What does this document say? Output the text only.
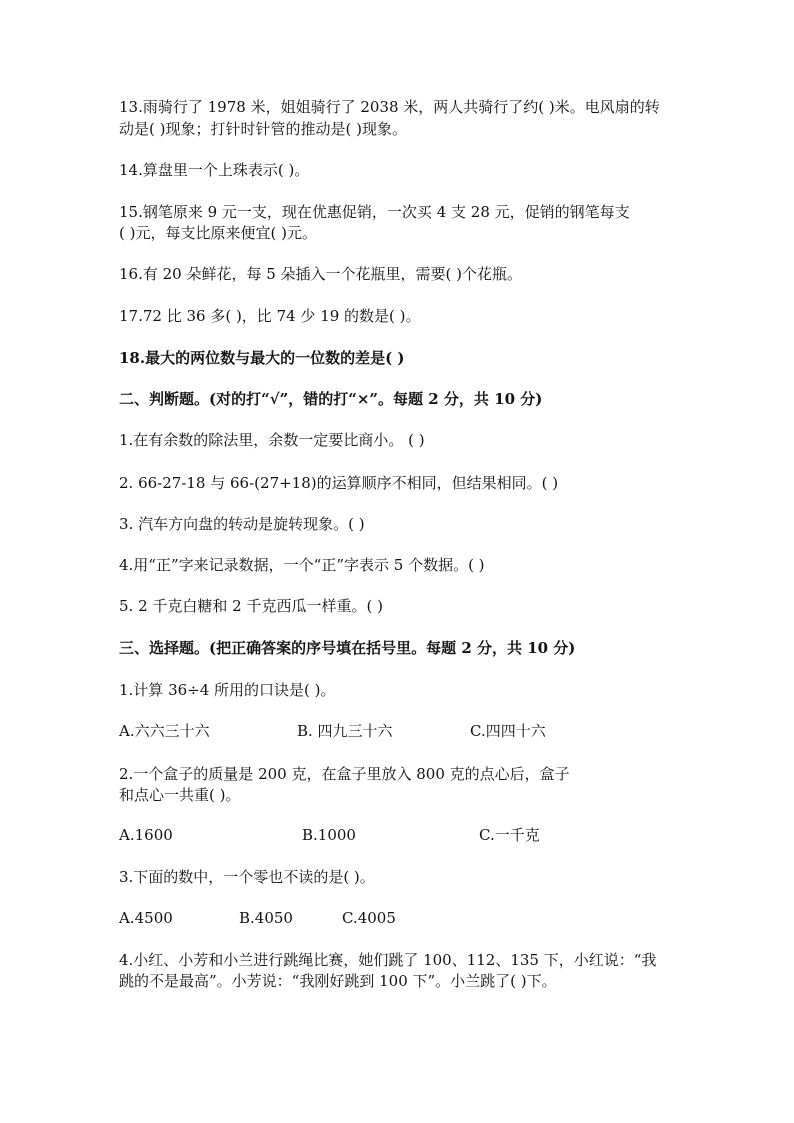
13.雨骑行了 1978 米，姐姐骑行了 2038 米，两人共骑行了约( )米。电风扇的转
动是( )现象；打针时针管的推动是( )现象。
14.算盘里一个上珠表示( )。
15.钢笔原来 9 元一支，现在优惠促销，一次买 4 支 28 元，促销的钢笔每支
( )元，每支比原来便宜( )元。
16.有 20 朵鲜花，每 5 朵插入一个花瓶里，需要( )个花瓶。
17.72 比 36 多( )，比 74 少 19 的数是( )。
18.最大的两位数与最大的一位数的差是( )
二、判断题。(对的打“√”，错的打“×”。每题 2 分，共 10 分)
1.在有余数的除法里，余数一定要比商小。 ( )
2. 66-27-18 与 66-(27+18)的运算顺序不相同，但结果相同。( )
3. 汽车方向盘的转动是旋转现象。( )
4.用“正”字来记录数据，一个“正”字表示 5 个数据。( )
5. 2 千克白糖和 2 千克西瓜一样重。( )
三、选择题。(把正确答案的序号填在括号里。每题 2 分，共 10 分)
1.计算 36÷4 所用的口诀是( )。
A.六六三十六	B. 四九三十六	C.四四十六
2.一个盒子的质量是 200 克，在盒子里放入 800 克的点心后，盒子
和点心一共重( )。
A.1600	B.1000	C.一千克
3.下面的数中，一个零也不读的是( )。
A.4500	B.4050	C.4005
4.小红、小芳和小兰进行跳绳比赛，她们跳了 100、112、135 下，小红说：“我
跳的不是最高”。小芳说：“我刚好跳到 100 下”。小兰跳了( )下。
